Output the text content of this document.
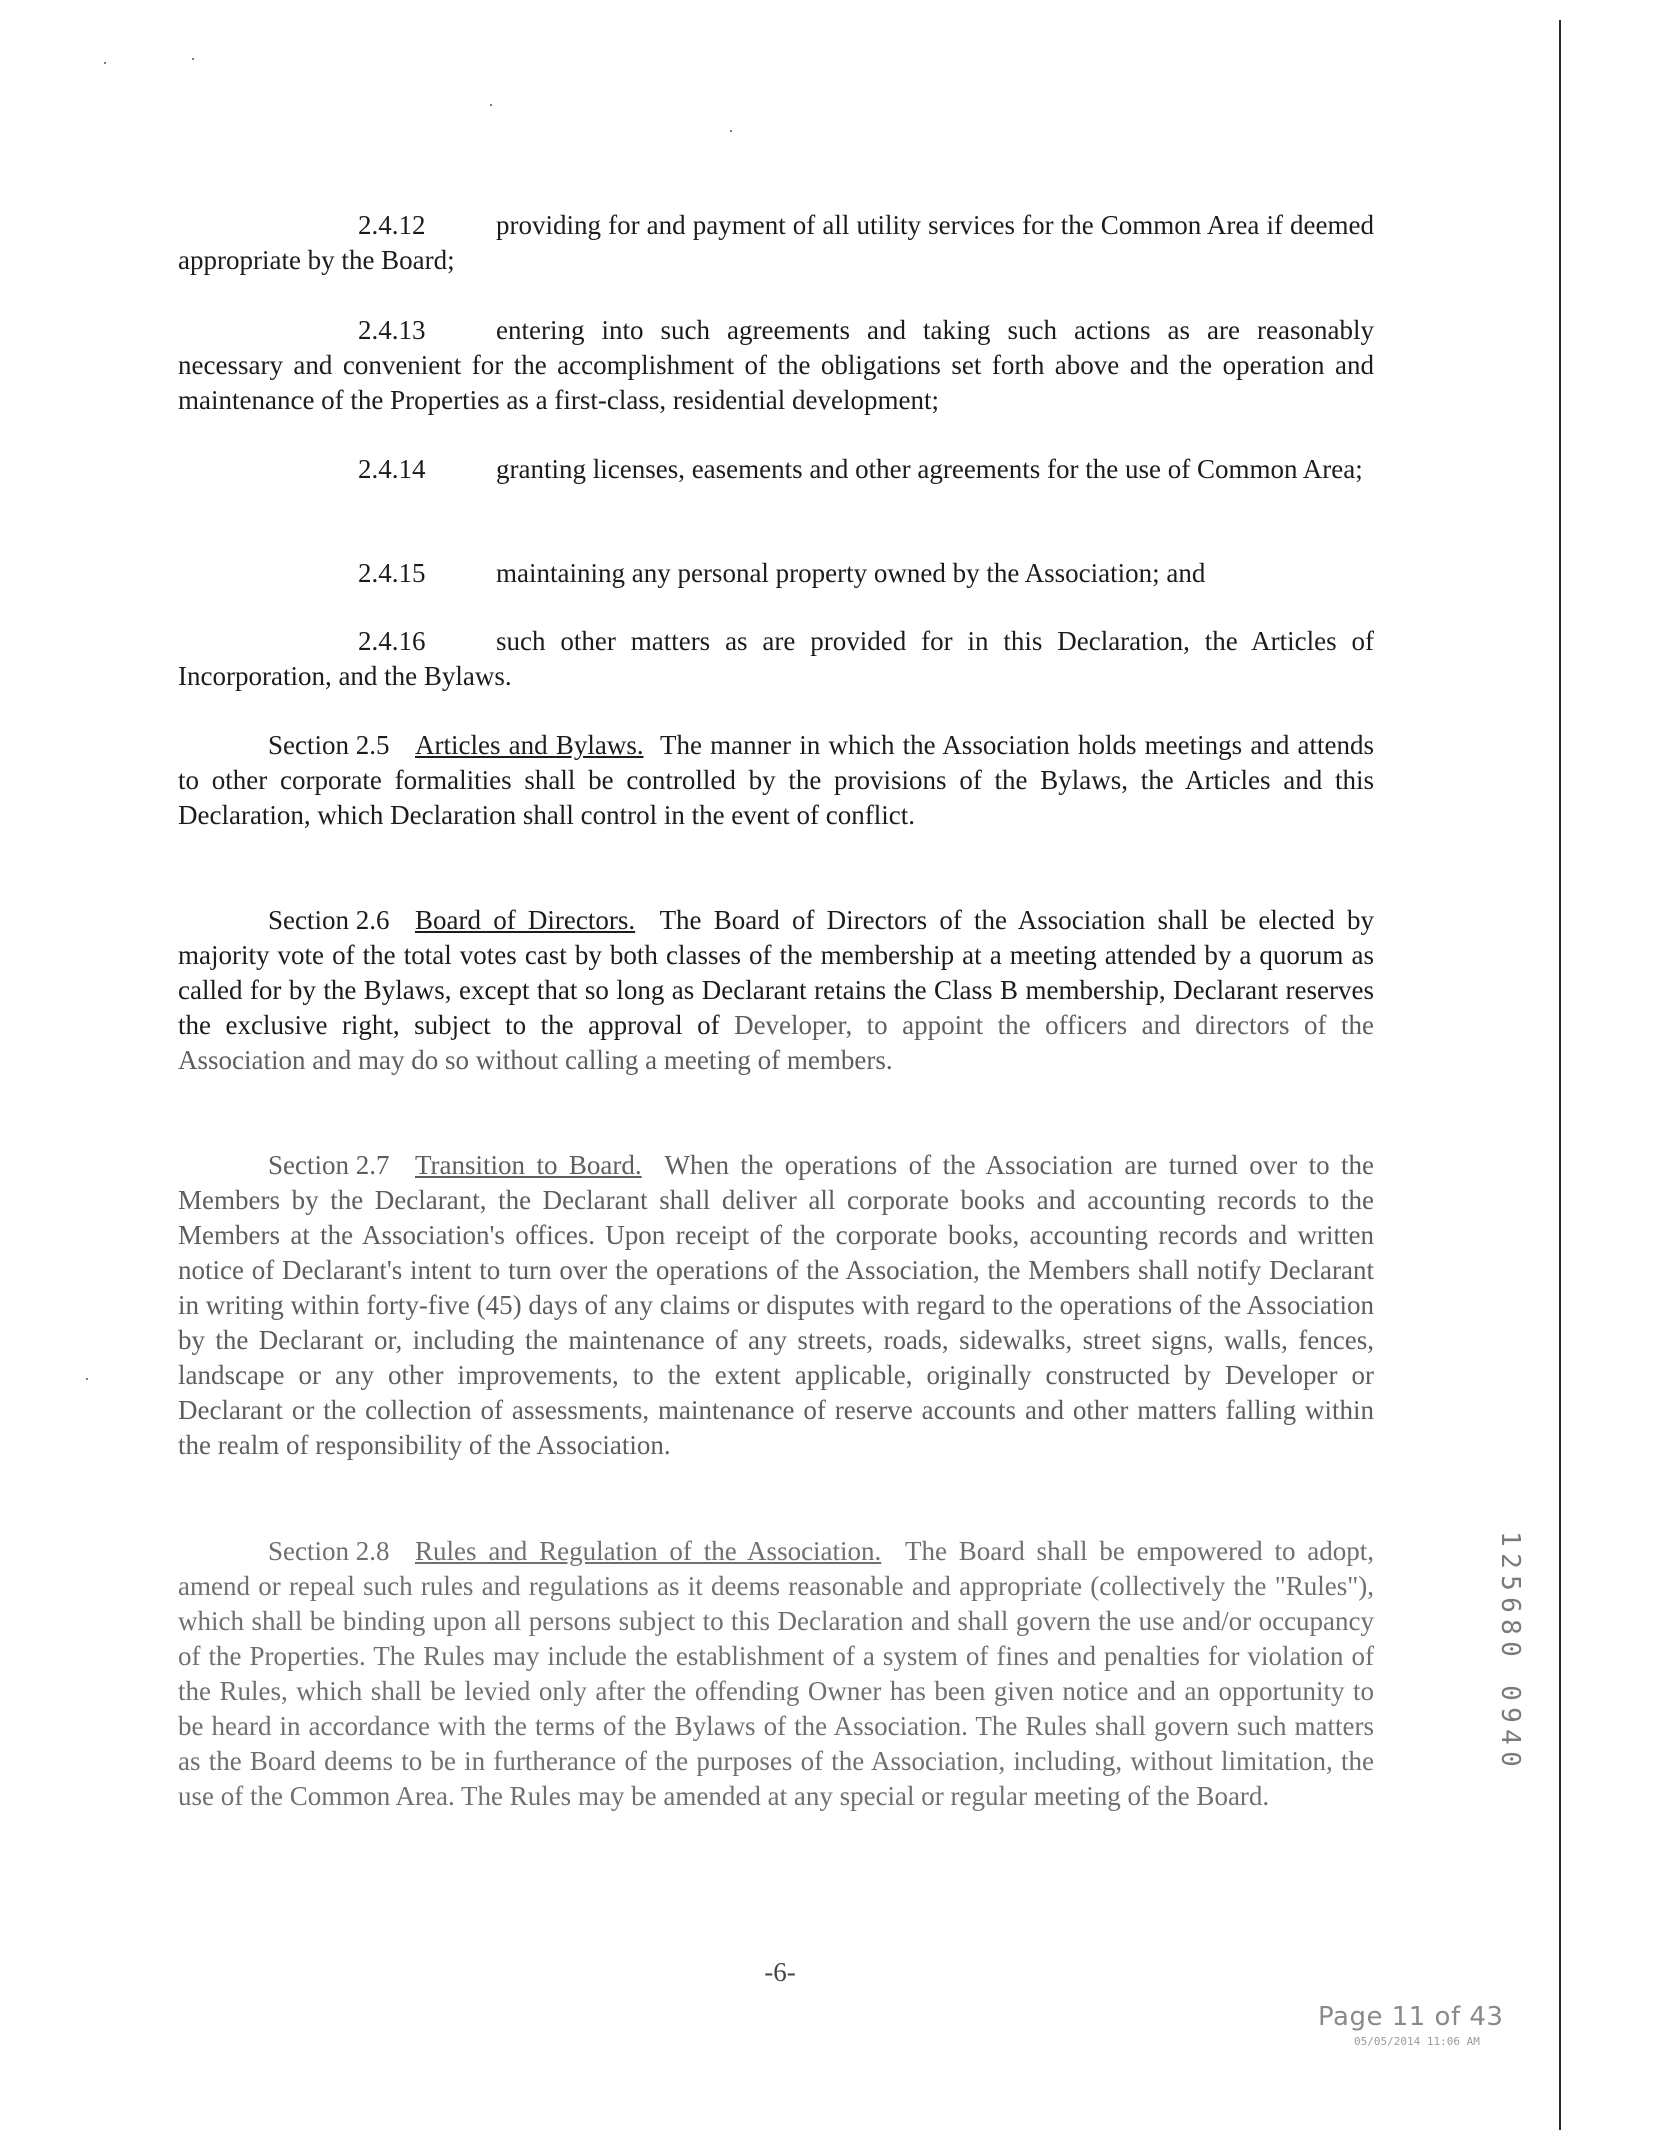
2.4.12	providing for and payment of all utility services for the Common Area if deemed appropriate by the Board;
2.4.13	entering into such agreements and taking such actions as are reasonably necessary and convenient for the accomplishment of the obligations set forth above and the operation and maintenance of the Properties as a first-class, residential development;
2.4.14	granting licenses, easements and other agreements for the use of Common Area;
2.4.15	maintaining any personal property owned by the Association; and
2.4.16	such other matters as are provided for in this Declaration, the Articles of Incorporation, and the Bylaws.
Section 2.5 Articles and Bylaws. The manner in which the Association holds meetings and attends to other corporate formalities shall be controlled by the provisions of the Bylaws, the Articles and this Declaration, which Declaration shall control in the event of conflict.
Section 2.6 Board of Directors. The Board of Directors of the Association shall be elected by majority vote of the total votes cast by both classes of the membership at a meeting attended by a quorum as called for by the Bylaws, except that so long as Declarant retains the Class B membership, Declarant reserves the exclusive right, subject to the approval of Developer, to appoint the officers and directors of the Association and may do so without calling a meeting of members.
Section 2.7 Transition to Board. When the operations of the Association are turned over to the Members by the Declarant, the Declarant shall deliver all corporate books and accounting records to the Members at the Association's offices. Upon receipt of the corporate books, accounting records and written notice of Declarant's intent to turn over the operations of the Association, the Members shall notify Declarant in writing within forty-five (45) days of any claims or disputes with regard to the operations of the Association by the Declarant or, including the maintenance of any streets, roads, sidewalks, street signs, walls, fences, landscape or any other improvements, to the extent applicable, originally constructed by Developer or Declarant or the collection of assessments, maintenance of reserve accounts and other matters falling within the realm of responsibility of the Association.
Section 2.8 Rules and Regulation of the Association. The Board shall be empowered to adopt, amend or repeal such rules and regulations as it deems reasonable and appropriate (collectively the "Rules"), which shall be binding upon all persons subject to this Declaration and shall govern the use and/or occupancy of the Properties. The Rules may include the establishment of a system of fines and penalties for violation of the Rules, which shall be levied only after the offending Owner has been given notice and an opportunity to be heard in accordance with the terms of the Bylaws of the Association. The Rules shall govern such matters as the Board deems to be in furtherance of the purposes of the Association, including, without limitation, the use of the Common Area. The Rules may be amended at any special or regular meeting of the Board.
1
2
5
6
8
0

0
9
4
0
-6-
Page 11 of 43
05/05/2014 11:06 AM
